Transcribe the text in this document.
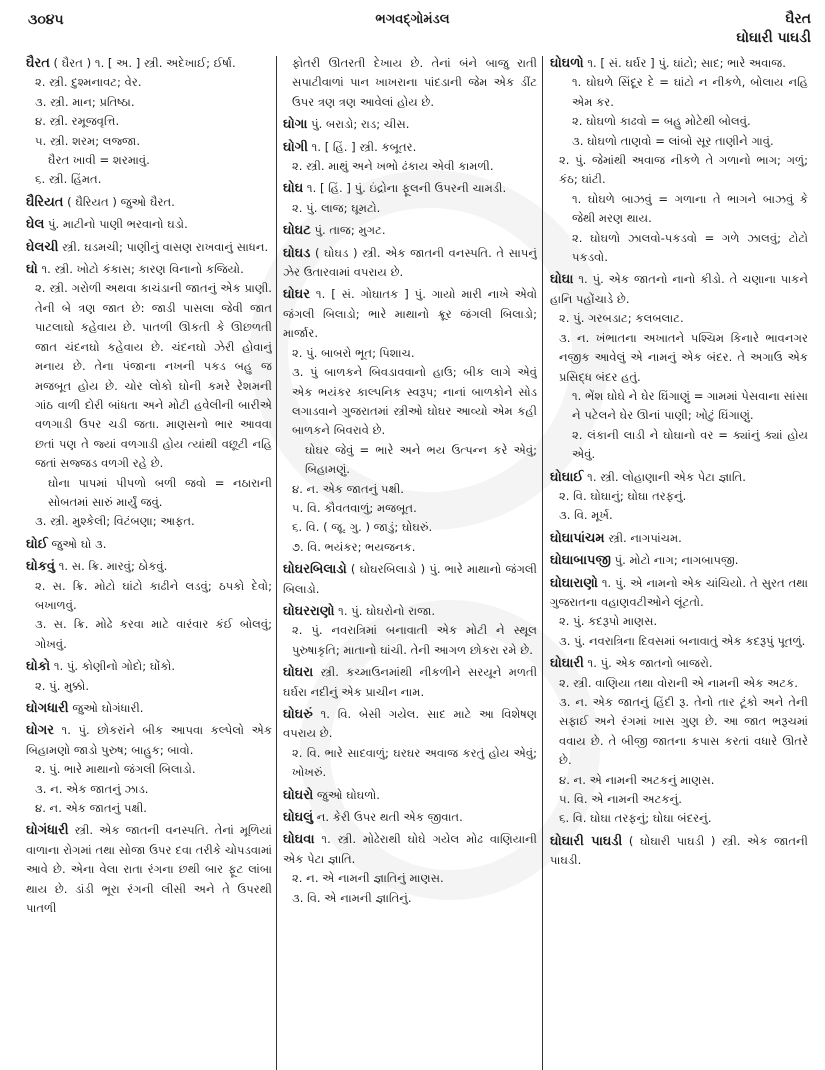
૩૦૪૫	ભગવદ્ગોમંડલ	ઘૈરત
ઘોઘારી પાઘડી

ઘૈરત ( ઘૈરત ) ૧. [ અ. ] સ્ત્રી. અદેખાઈ; ઈર્ષા.

૨. સ્ત્રી. દુશ્મનાવટ; વેર.

૩. સ્ત્રી. માન; પ્રતિષ્ઠા.

૪. સ્ત્રી. રમૂજવૃત્તિ.

૫. સ્ત્રી. શરમ; લજ્જા.

ઘૈરત ખાવી = શરમાવું.

૬. સ્ત્રી. હિંમત.

ઘૈરિયત ( ઘૈરિયત ) જુઓ ઘૈરત.

ઘેલ પું. માટીનો પાણી ભરવાનો ઘડો.

ઘેલચી સ્ત્રી. ઘડમચી; પાણીનું વાસણ રાખવાનું સાધન.

ઘો ૧. સ્ત્રી. ખોટો કંકાસ; કારણ વિનાનો કજિયો.

૨. સ્ત્રી. ગરોળી અથવા કાચંડાની જાતનું એક પ્રાણી. તેની બે ત્રણ જાત છે: જાડી પાસલા જેવી જાત પાટલાઘો કહેવાય છે. પાતળી ઊકતી કે ઊછળતી જાત ચંદનઘો કહેવાય છે. ચંદનઘો ઝેરી હોવાનું મનાય છે. તેના પંજાના નખની પકડ બહુ જ મજબૂત હોય છે. ચોર લોકો ઘોની કમરે રેશમની ગાંઠ વાળી દોરી બાંધતા અને મોટી હવેલીની બારીએ વળગાડી ઉપર ચડી જતા. માણસનો ભાર આવવા છતાં પણ તે જ્યાં વળગાડી હોય ત્યાંથી વછૂટી નહિ જતાં સજ્જડ વળગી રહે છે.

ઘોના પાપમાં પીપળો બળી જવો = નઠારાની સોબતમાં સારું માર્યું જવું.

૩. સ્ત્રી. મુશ્કેલી; વિટંબણા; આફત.

ઘોઈ જુઓ ઘો ૩.

ઘોકવું ૧. સ. ક્રિ. મારવું; ઠોકવું.

૨. સ. ક્રિ. મોટો ઘાંટો કાઢીને લડવું; ઠપકો દેવો; બખાળવું.

૩. સ. ક્રિ. મોઢે કરવા માટે વારંવાર કંઈ બોલવું; ગોખવું.

ઘોકો ૧. પું. કોણીનો ગોદો; ઘોંકો.

૨. પું. મુક્કો.

ઘોગધારી જુઓ ઘોગંધારી.

ઘોગર ૧. પું. છોકરાંને બીક આપવા કલ્પેલો એક બિહામણો જાડો પુરુષ; બાહુક; બાવો.

૨. પું. ભારે માથાનો જંગલી બિલાડો.

૩. ન. એક જાતનું ઝાડ.

૪. ન. એક જાતનું પક્ષી.

ઘોગંધારી સ્ત્રી. એક જાતની વનસ્પતિ. તેનાં મૂળિયાં વાળાના રોગમાં તથા સોજા ઉપર દવા તરીકે ચોપડવામાં આવે છે. એના વેલા રાતા રંગના છથી બાર ફૂટ લાંબા થાય છે. ડાંડી ભૂરા રંગની લીસી અને તે ઉપરથી પાતળી

ફોતરી ઊતરતી દેખાય છે. તેનાં બંને બાજુ રાતી સપાટીવાળાં પાન ખાખરાના પાંદડાની જેમ એક ડીંટ ઉપર ત્રણ ત્રણ આવેલાં હોય છે.

ઘોગા પું. બરાડો; રાડ; ચીસ.

ઘોગી ૧. [ હિં. ] સ્ત્રી. કબૂતર.

૨. સ્ત્રી. માથું અને ખભો ઢંકાય એવી કામળી.

ઘોઘ ૧. [ હિં. ] પું. ઇંદ્રોના ફૂલની ઉપરની ચામડી.

૨. પું. લાજ; ઘૂમટો.

ઘોઘટ પું. તાજ; મુગટ.

ઘોઘડ ( ઘોઘડ ) સ્ત્રી. એક જાતની વનસ્પતિ. તે સાપનું ઝેર ઉતારવામાં વપરાય છે.

ઘોઘર ૧. [ સં. ગોઘાતક ] પું. ગાયો મારી નાખે એવો જંગલી બિલાડો; ભારે માથાનો ક્રૂર જંગલી બિલાડો; માર્જાર.

૨. પું. બાબરો ભૂત; પિશાચ.

૩. પું બાળકને બિવડાવવાનો હાઉ; બીક લાગે એવું એક ભયંકર કાલ્પનિક સ્વરૂપ; નાનાં બાળકોને સોડ લગાડવાને ગુજરાતમાં સ્ત્રીઓ ઘોઘર આવ્યો એમ કહી બાળકને બિવરાવે છે.

ઘોઘર જેવું = ભારે અને ભય ઉત્પન્ન કરે એવું; બિહામણું.

૪. ન. એક જાતનું પક્ષી.

૫. વિ. કૌવતવાળું; મજબૂત.

૬. વિ. ( જૂ. ગુ. ) જાડું; ઘોઘરું.

૭. વિ. ભયંકર; ભયજનક.

ઘોઘરબિલાડો ( ઘોઘરબિલાડો ) પું. ભારે માથાનો જંગલી બિલાડો.

ઘોઘરરાણો ૧. પું. ઘોઘરોનો રાજા.

૨. પું. નવરાત્રિમાં બનાવાતી એક મોટી ને સ્થૂલ પુરુષાકૃતિ; માતાનો ઘાંચી. તેની આગળ છોકરા રમે છે.

ઘોઘરા સ્ત્રી. કચ્માઉનમાંથી નીકળીને સરયૂને મળતી ઘર્ઘરા નદીનું એક પ્રાચીન નામ.

ઘોઘરું ૧. વિ. બેસી ગયેલ. સાદ માટે આ વિશેષણ વપરાય છે.

૨. વિ. ભારે સાદવાળું; ઘરઘર અવાજ કરતું હોય એવું; ખોખરું.

ઘોઘરો જુઓ ઘોઘળો.

ઘોઘલું ન. કેરી ઉપર થતી એક જીવાત.

ઘોઘવા ૧. સ્ત્રી. મોઢેરાથી ઘોઘે ગયેલ મોઢ વાણિયાની એક પેટા જ્ઞાતિ.

૨. ન. એ નામની જ્ઞાતિનું માણસ.

૩. વિ. એ નામની જ્ઞાતિનું.

ઘોઘળો ૧. [ સં. ઘર્ઘર ] પું. ઘાંટો; સાદ; ભારે અવાજ.

૧. ઘોઘળે સિંદૂર દે = ઘાંટો ન નીકળે, બોલાય નહિ એમ કર.

૨. ઘોઘળો કાઢવો = બહુ મોટેથી બોલવું.

૩. ઘોઘળો તાણવો = લાંબો સૂર તાણીને ગાવું.

૨. પું. જેમાંથી અવાજ નીકળે તે ગળાનો ભાગ; ગળું; કંઠ; ઘાંટી.

૧. ઘોઘળે બાઝવું = ગળાના તે ભાગને બાઝવું કે જેથી મરણ થાય.

૨. ઘોઘળો ઝાલવો-પકડવો = ગળે ઝાલવું; ટોટો પકડવો.

ઘોઘા ૧. પું. એક જાતનો નાનો કીડો. તે ચણાના પાકને હાનિ પહોંચાડે છે.

૨. પું. ગરબડાટ; કલબલાટ.

૩. ન. ખંભાતના અખાતને પશ્ચિમ કિનારે ભાવનગર નજીક આવેલું એ નામનું એક બંદર. તે અગાઉ એક પ્રસિદ્ધ બંદર હતું.

૧. ભેંશ ઘોઘે ને ઘેર ઘિંગાણું = ગામમાં પેસવાના સાંસા ને પટેલને ઘેર ઊનાં પાણી; ખોટું ઘિંગાણું.

૨. લંકાની લાડી ને ઘોઘાનો વર = ક્યાંનું ક્યાં હોય એવું.

ઘોઘાઈ ૧. સ્ત્રી. લોહાણાની એક પેટા જ્ઞાતિ.

૨. વિ. ઘોઘાનું; ઘોઘા તરફનું.

૩. વિ. મૂર્ખ.

ઘોઘાપાંચમ સ્ત્રી. નાગપાંચમ.

ઘોઘાબાપજી પું. મોટો નાગ; નાગબાપજી.

ઘોઘારાણો ૧. પું. એ નામનો એક ચાંચિયો. તે સુરત તથા ગુજરાતના વહાણવટીઓને લૂંટતો.

૨. પું. કદરૂપો માણસ.

૩. પું. નવરાત્રિના દિવસમાં બનાવાતું એક કદરૂપું પૂતળું.

ઘોઘારી ૧. પું. એક જાતનો બાજરો.

૨. સ્ત્રી. વાણિયા તથા વોરાની એ નામની એક અટક.

૩. ન. એક જાતનું હિંદી રૂ. તેનો તાર ટૂંકો અને તેની સફાઈ અને રંગમાં ખાસ ગુણ છે. આ જાત ભરૂચમાં વવાય છે. તે બીજી જાતના કપાસ કરતાં વધારે ઊતરે છે.

૪. ન. એ નામની અટકનું માણસ.

૫. વિ. એ નામની અટકનું.

૬. વિ. ઘોઘા તરફનું; ઘોઘા બંદરનું.

ઘોઘારી પાઘડી ( ઘોઘારી પાઘડી ) સ્ત્રી. એક જાતની પાઘડી.
